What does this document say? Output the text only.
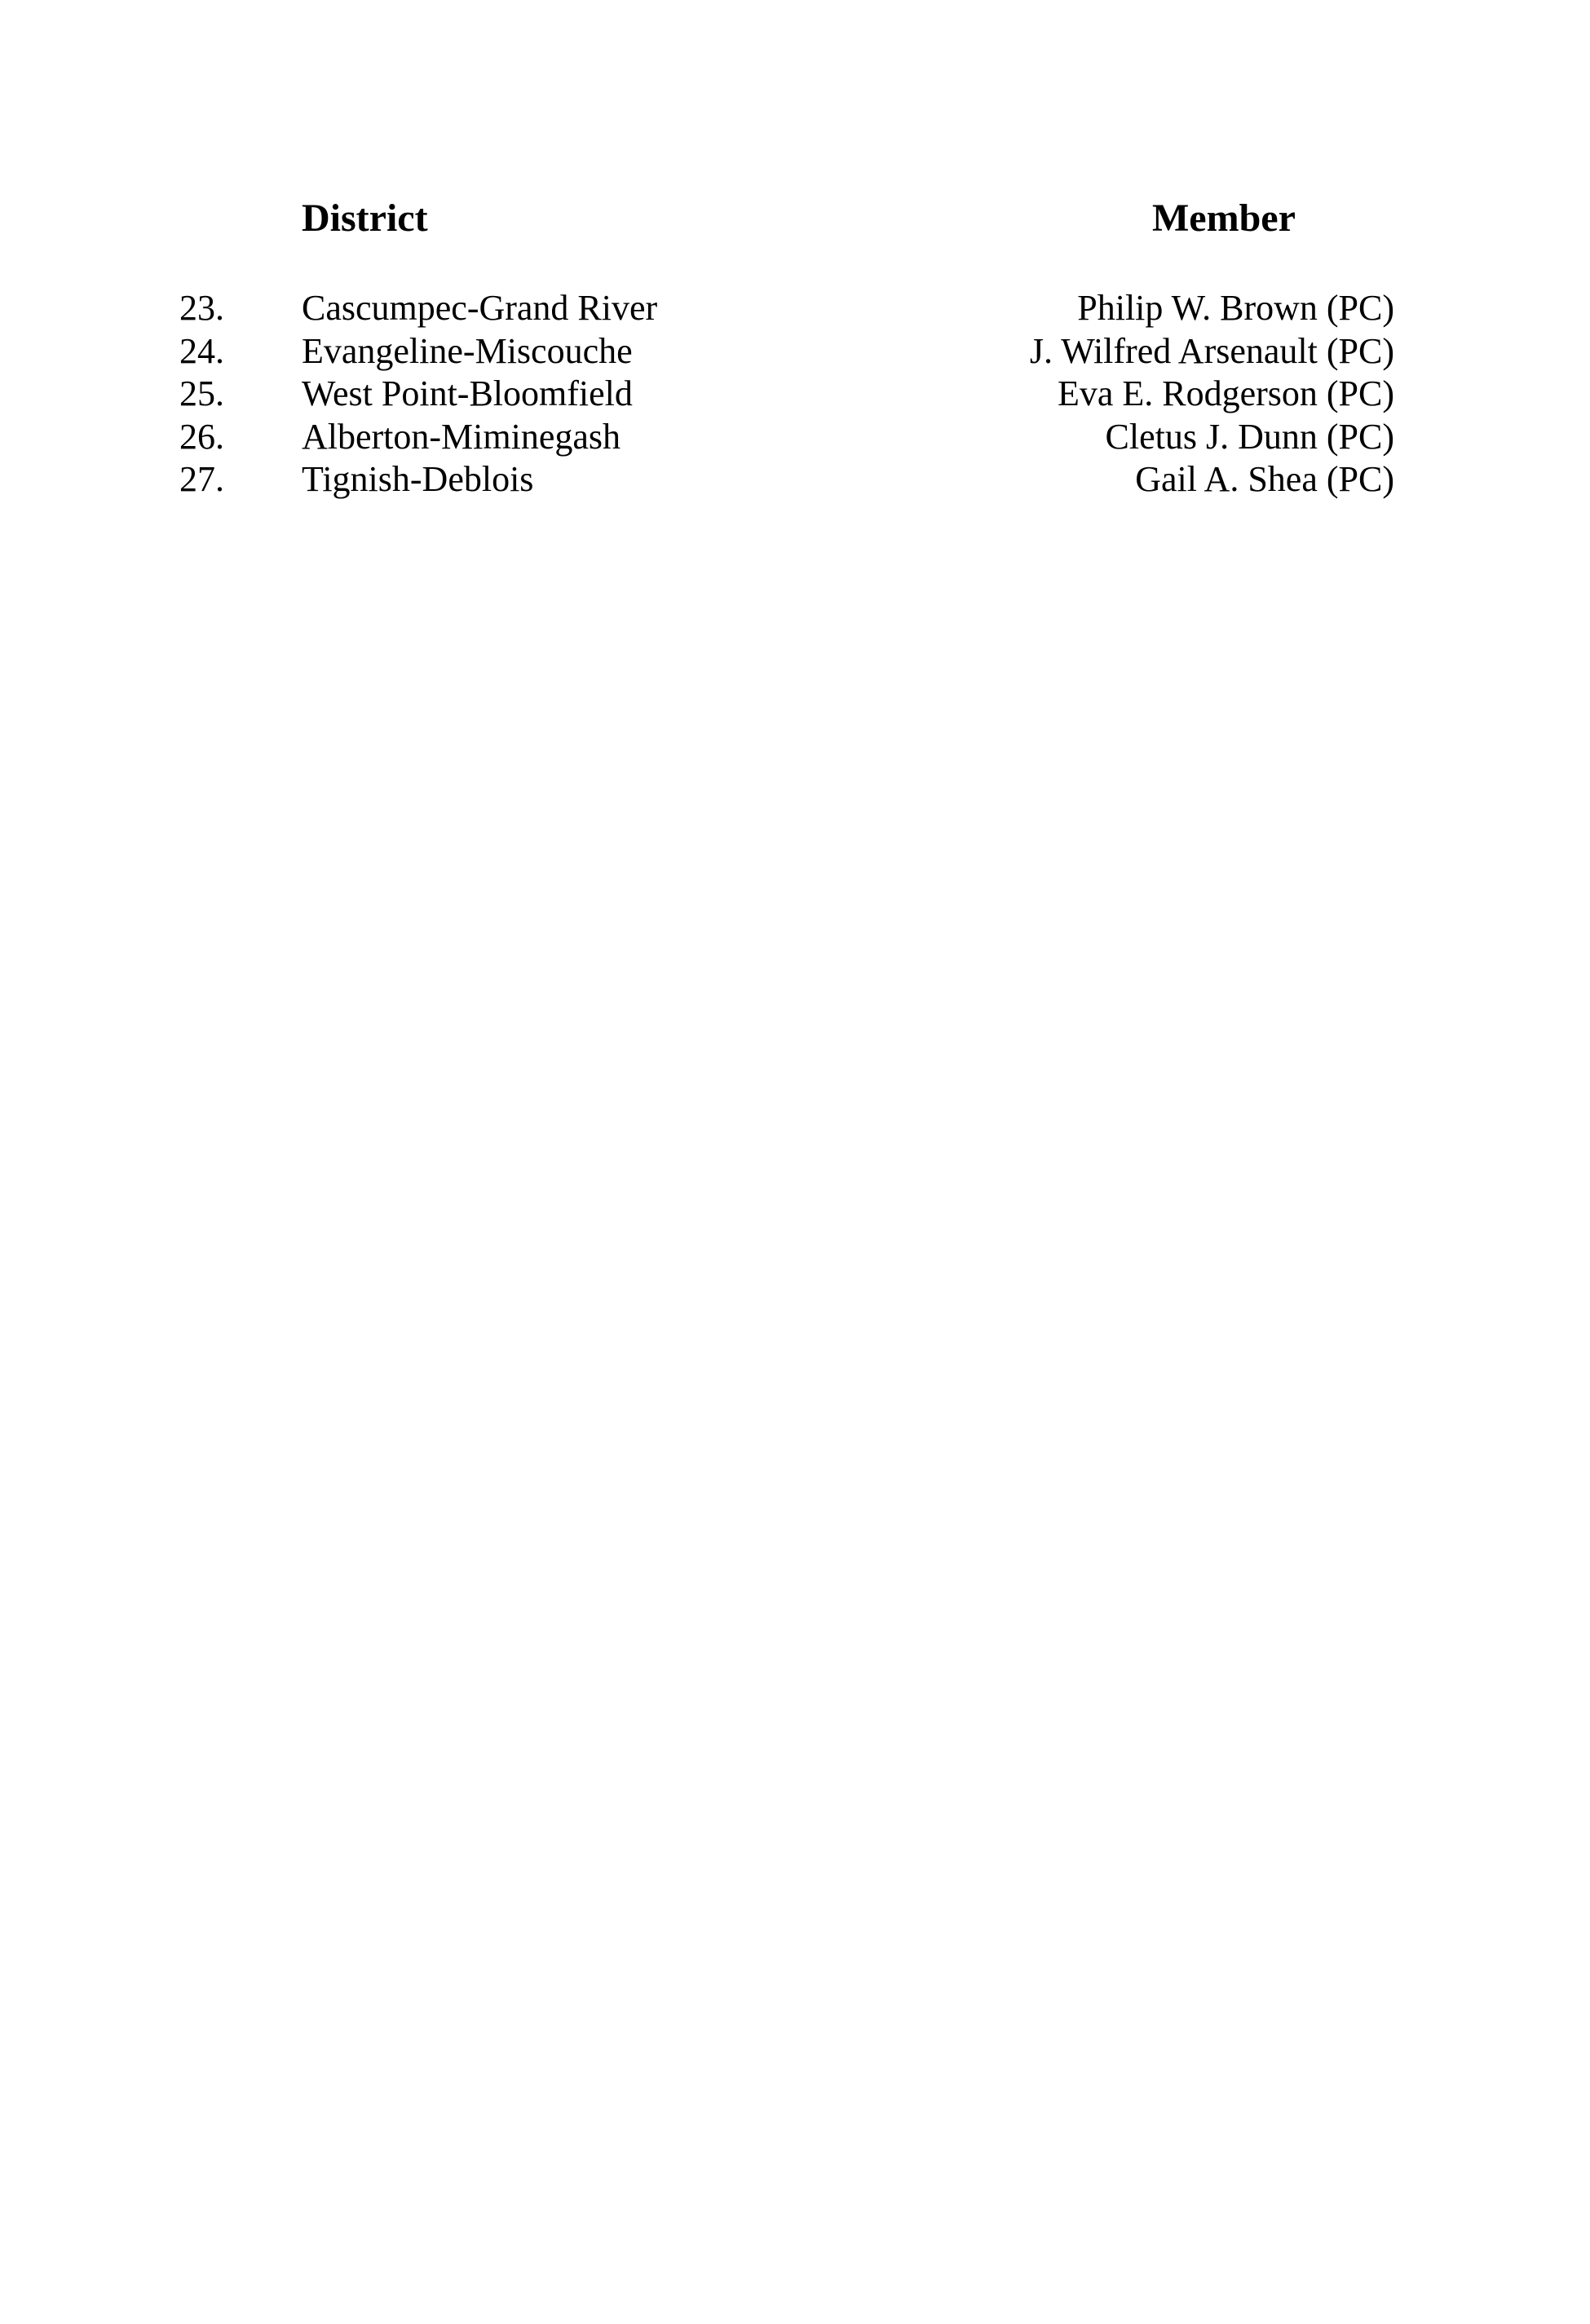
District	Member
23. Cascumpec-Grand River	Philip W. Brown (PC)
24. Evangeline-Miscouche	J. Wilfred Arsenault (PC)
25. West Point-Bloomfield	Eva E. Rodgerson (PC)
26. Alberton-Miminegash	Cletus J. Dunn (PC)
27. Tignish-Deblois	Gail A. Shea (PC)
